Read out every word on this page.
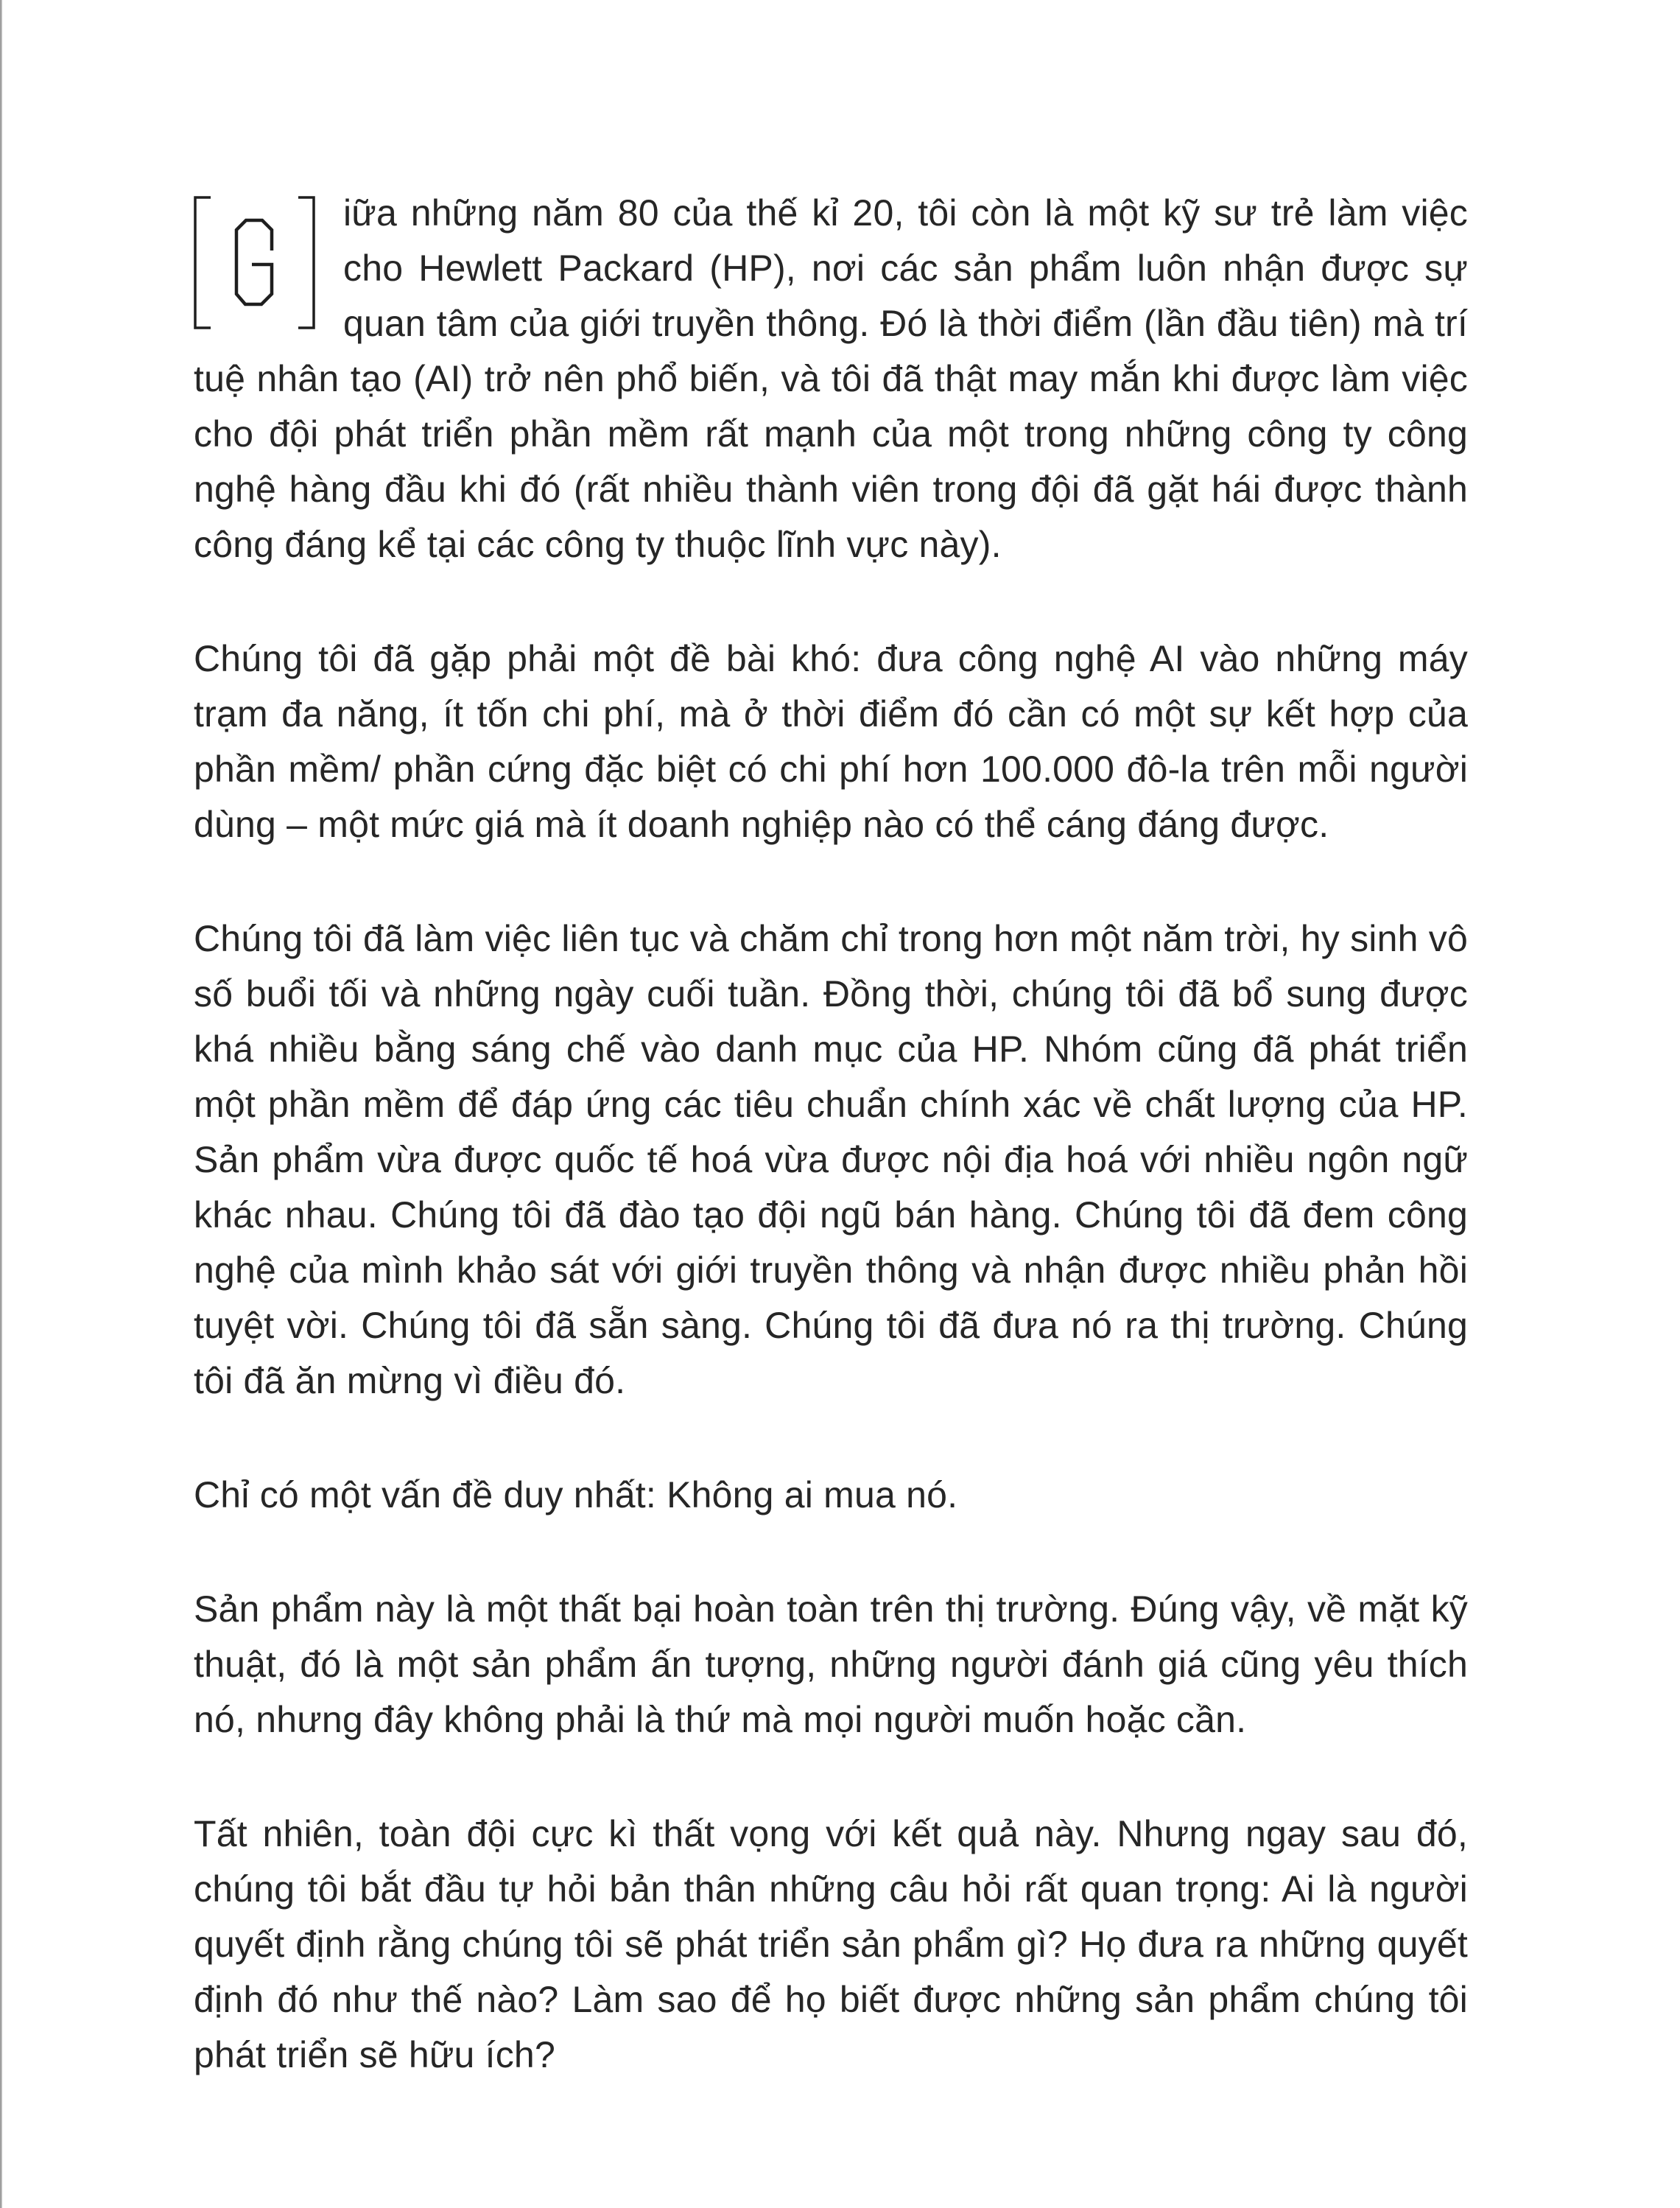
iữa những năm 80 của thế kỉ 20, tôi còn là một kỹ sư trẻ làm việc cho Hewlett Packard (HP), nơi các sản phẩm luôn nhận được sự quan tâm của giới truyền thông. Đó là thời điểm (lần đầu tiên) mà trí tuệ nhân tạo (AI) trở nên phổ biến, và tôi đã thật may mắn khi được làm việc cho đội phát triển phần mềm rất mạnh của một trong những công ty công nghệ hàng đầu khi đó (rất nhiều thành viên trong đội đã gặt hái được thành công đáng kể tại các công ty thuộc lĩnh vực này).

Chúng tôi đã gặp phải một đề bài khó: đưa công nghệ AI vào những máy trạm đa năng, ít tốn chi phí, mà ở thời điểm đó cần có một sự kết hợp của phần mềm/ phần cứng đặc biệt có chi phí hơn 100.000 đô-la trên mỗi người dùng – một mức giá mà ít doanh nghiệp nào có thể cáng đáng được.

Chúng tôi đã làm việc liên tục và chăm chỉ trong hơn một năm trời, hy sinh vô số buổi tối và những ngày cuối tuần. Đồng thời, chúng tôi đã bổ sung được khá nhiều bằng sáng chế vào danh mục của HP. Nhóm cũng đã phát triển một phần mềm để đáp ứng các tiêu chuẩn chính xác về chất lượng của HP. Sản phẩm vừa được quốc tế hoá vừa được nội địa hoá với nhiều ngôn ngữ khác nhau. Chúng tôi đã đào tạo đội ngũ bán hàng. Chúng tôi đã đem công nghệ của mình khảo sát với giới truyền thông và nhận được nhiều phản hồi tuyệt vời. Chúng tôi đã sẵn sàng. Chúng tôi đã đưa nó ra thị trường. Chúng tôi đã ăn mừng vì điều đó.

Chỉ có một vấn đề duy nhất: Không ai mua nó.

Sản phẩm này là một thất bại hoàn toàn trên thị trường. Đúng vậy, về mặt kỹ thuật, đó là một sản phẩm ấn tượng, những người đánh giá cũng yêu thích nó, nhưng đây không phải là thứ mà mọi người muốn hoặc cần.

Tất nhiên, toàn đội cực kì thất vọng với kết quả này. Nhưng ngay sau đó, chúng tôi bắt đầu tự hỏi bản thân những câu hỏi rất quan trọng: Ai là người quyết định rằng chúng tôi sẽ phát triển sản phẩm gì? Họ đưa ra những quyết định đó như thế nào? Làm sao để họ biết được những sản phẩm chúng tôi phát triển sẽ hữu ích?
